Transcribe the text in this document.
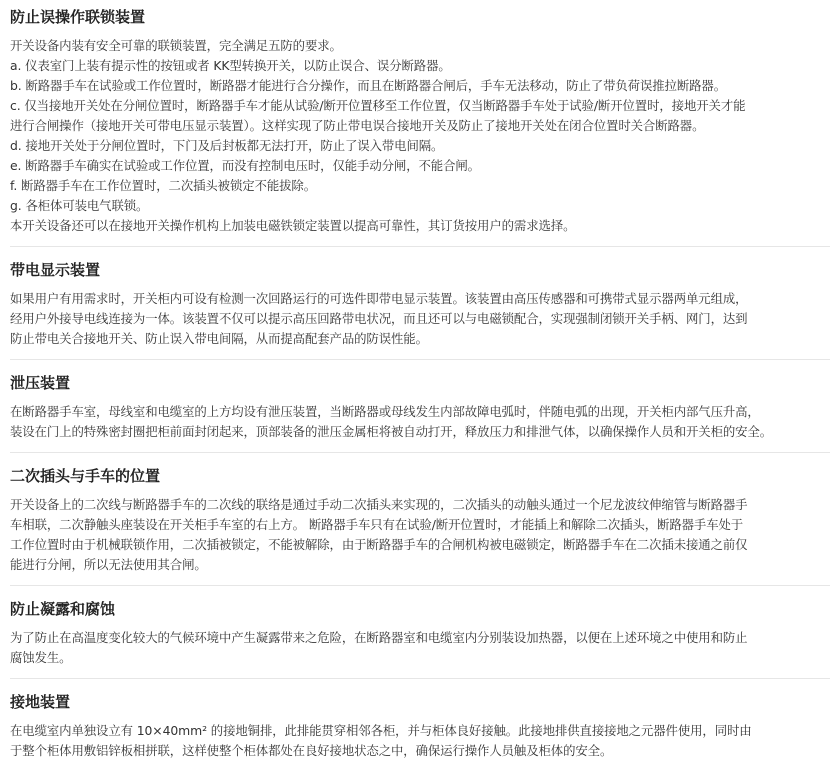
防止误操作联锁装置
开关设备内装有安全可靠的联锁装置，完全满足五防的要求。
a. 仪表室门上装有提示性的按钮或者 KK型转换开关，以防止误合、误分断路器。
b. 断路器手车在试验或工作位置时，断路器才能进行合分操作，而且在断路器合闸后，手车无法移动，防止了带负荷误推拉断路器。
c. 仅当接地开关处在分闸位置时，断路器手车才能从试验/断开位置移至工作位置，仅当断路器手车处于试验/断开位置时，接地开关才能
进行合闸操作（接地开关可带电压显示装置）。这样实现了防止带电误合接地开关及防止了接地开关处在闭合位置时关合断路器。
d. 接地开关处于分闸位置时，下门及后封板都无法打开，防止了误入带电间隔。
e. 断路器手车确实在试验或工作位置，而没有控制电压时，仅能手动分闸，不能合闸。
f. 断路器手车在工作位置时，二次插头被锁定不能拔除。
g. 各柜体可装电气联锁。
本开关设备还可以在接地开关操作机构上加装电磁铁锁定装置以提高可靠性，其订货按用户的需求选择。
带电显示装置
如果用户有用需求时，开关柜内可设有检测一次回路运行的可选件即带电显示装置。该装置由高压传感器和可携带式显示器两单元组成，
经用户外接导电线连接为一体。该装置不仅可以提示高压回路带电状况，而且还可以与电磁锁配合，实现强制闭锁开关手柄、网门，达到
防止带电关合接地开关、防止误入带电间隔，从而提高配套产品的防误性能。
泄压装置
在断路器手车室，母线室和电缆室的上方均设有泄压装置，当断路器或母线发生内部故障电弧时，伴随电弧的出现，开关柜内部气压升高，
装设在门上的特殊密封圈把柜前面封闭起来，顶部装备的泄压金属柜将被自动打开，释放压力和排泄气体，以确保操作人员和开关柜的安全。
二次插头与手车的位置
开关设备上的二次线与断路器手车的二次线的联络是通过手动二次插头来实现的，二次插头的动触头通过一个尼龙波纹伸缩管与断路器手
车相联，二次静触头座装设在开关柜手车室的右上方。 断路器手车只有在试验/断开位置时，才能插上和解除二次插头，断路器手车处于
工作位置时由于机械联锁作用，二次插被锁定，不能被解除，由于断路器手车的合闸机构被电磁锁定，断路器手车在二次插未接通之前仅
能进行分闸，所以无法使用其合闸。
防止凝露和腐蚀
为了防止在高温度变化较大的气候环境中产生凝露带来之危险，在断路器室和电缆室内分别装设加热器，以便在上述环境之中使用和防止
腐蚀发生。
接地装置
在电缆室内单独设立有 10×40mm² 的接地铜排，此排能贯穿相邻各柜，并与柜体良好接触。此接地排供直接接地之元器件使用，同时由
于整个柜体用敷铝锌板相拼联，这样使整个柜体都处在良好接地状态之中，确保运行操作人员触及柜体的安全。
